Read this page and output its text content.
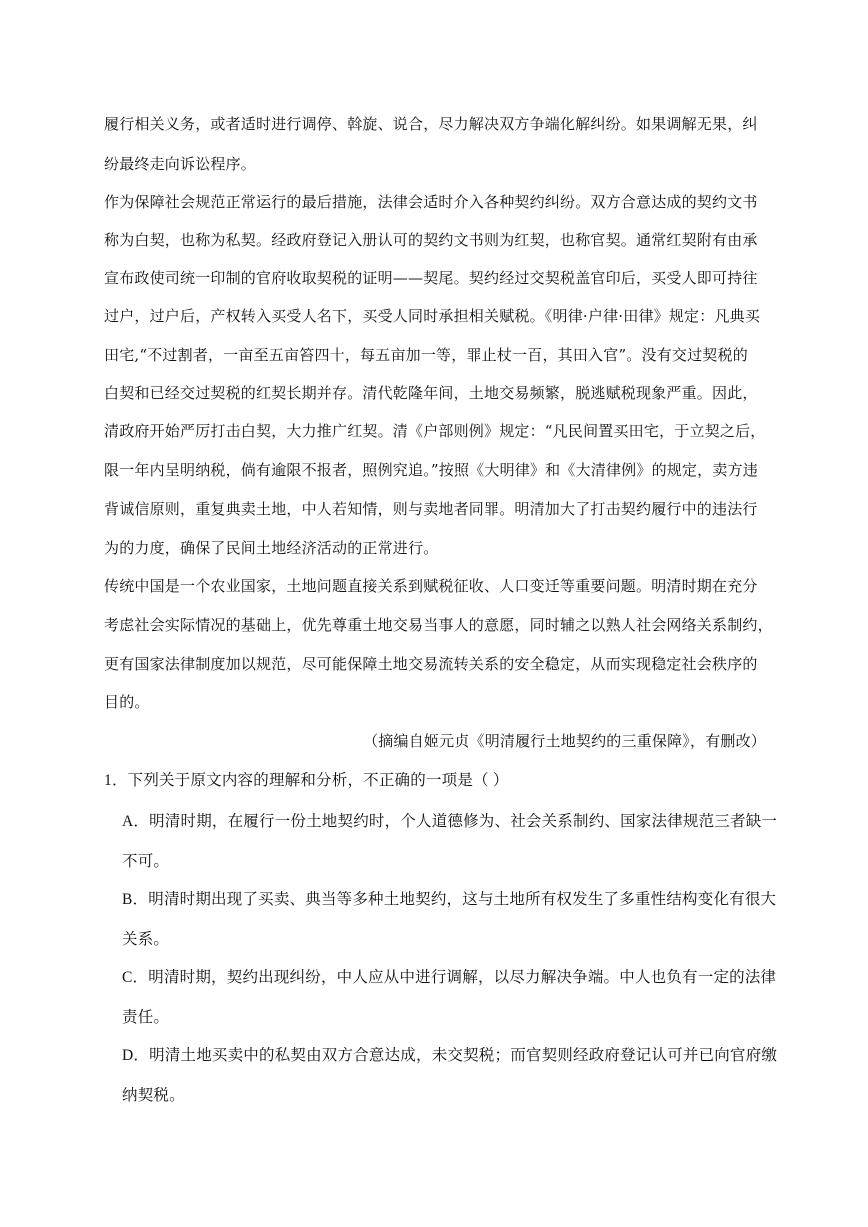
履行相关义务，或者适时进行调停、斡旋、说合，尽力解决双方争端化解纠纷。如果调解无果，纠
纷最终走向诉讼程序。
作为保障社会规范正常运行的最后措施，法律会适时介入各种契约纠纷。双方合意达成的契约文书
称为白契，也称为私契。经政府登记入册认可的契约文书则为红契，也称官契。通常红契附有由承
宣布政使司统一印制的官府收取契税的证明——契尾。契约经过交契税盖官印后，买受人即可持往
过户，过户后，产权转入买受人名下，买受人同时承担相关赋税。《明律·户律·田律》规定：凡典买
田宅,“不过割者，一亩至五亩笞四十，每五亩加一等，罪止杖一百，其田入官”。没有交过契税的
白契和已经交过契税的红契长期并存。清代乾隆年间，土地交易频繁，脱逃赋税现象严重。因此，
清政府开始严厉打击白契，大力推广红契。清《户部则例》规定：“凡民间置买田宅，于立契之后，
限一年内呈明纳税，倘有逾限不报者，照例究追。”按照《大明律》和《大清律例》的规定，卖方违
背诚信原则，重复典卖土地，中人若知情，则与卖地者同罪。明清加大了打击契约履行中的违法行
为的力度，确保了民间土地经济活动的正常进行。
传统中国是一个农业国家，土地问题直接关系到赋税征收、人口变迁等重要问题。明清时期在充分
考虑社会实际情况的基础上，优先尊重土地交易当事人的意愿，同时辅之以熟人社会网络关系制约，
更有国家法律制度加以规范，尽可能保障土地交易流转关系的安全稳定，从而实现稳定社会秩序的
目的。
（摘编自姬元贞《明清履行土地契约的三重保障》，有删改）
1．下列关于原文内容的理解和分析，不正确的一项是（ ）
A．明清时期，在履行一份土地契约时，个人道德修为、社会关系制约、国家法律规范三者缺一
不可。
B．明清时期出现了买卖、典当等多种土地契约，这与土地所有权发生了多重性结构变化有很大
关系。
C．明清时期，契约出现纠纷，中人应从中进行调解，以尽力解决争端。中人也负有一定的法律
责任。
D．明清土地买卖中的私契由双方合意达成，未交契税；而官契则经政府登记认可并已向官府缴
纳契税。
